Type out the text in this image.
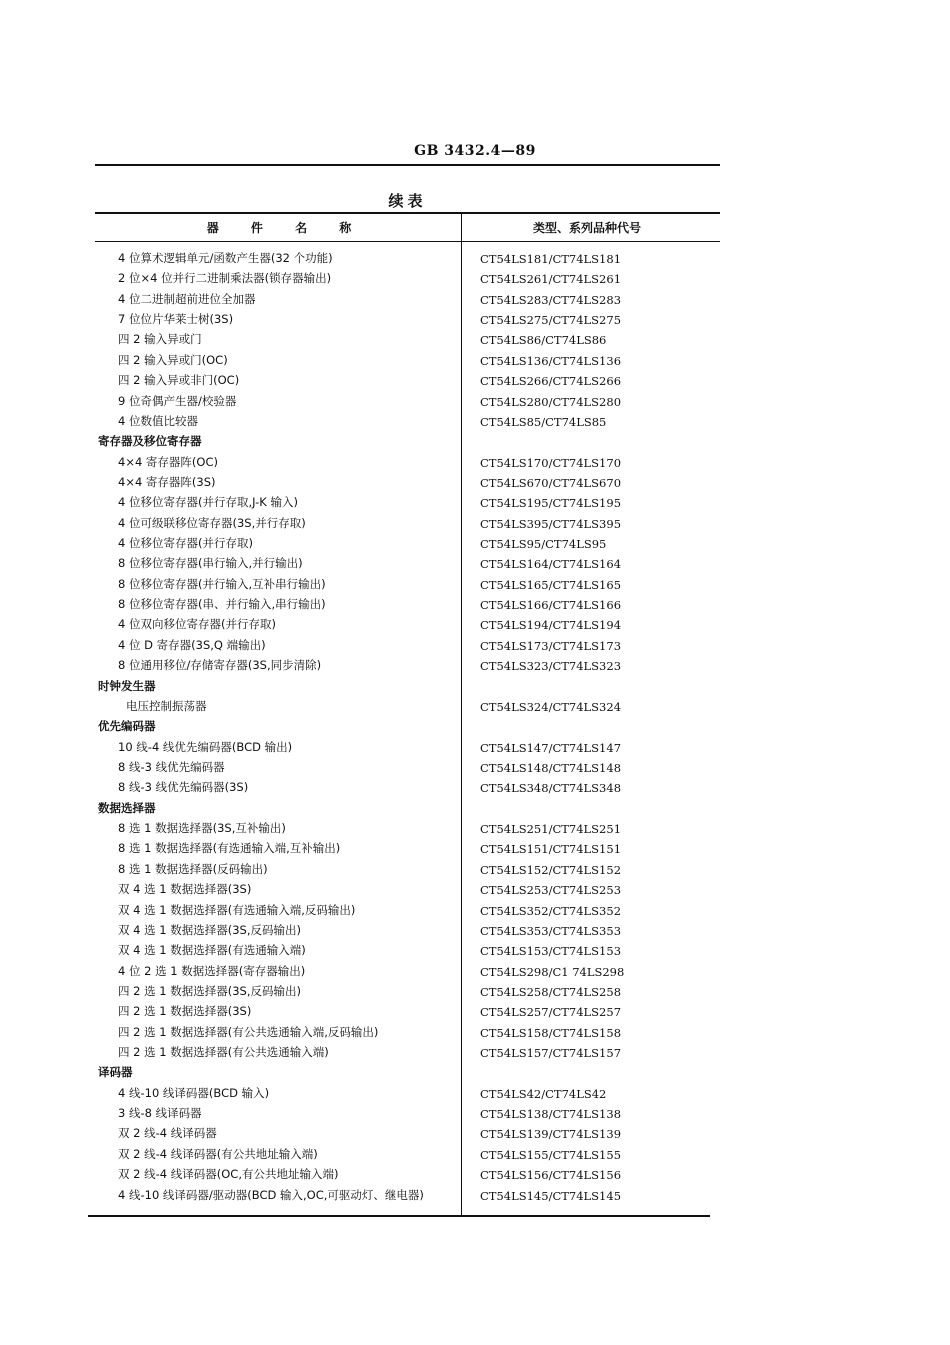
GB 3432.4—89
续表
器 件 名 称	类型、系列品种代号
4 位算术逻辑单元/函数产生器(32 个功能)	CT54LS181/CT74LS181
2 位×4 位并行二进制乘法器(锁存器输出)	CT54LS261/CT74LS261
4 位二进制超前进位全加器	CT54LS283/CT74LS283
7 位位片华莱士树(3S)	CT54LS275/CT74LS275
四 2 输入异或门	CT54LS86/CT74LS86
四 2 输入异或门(OC)	CT54LS136/CT74LS136
四 2 输入异或非门(OC)	CT54LS266/CT74LS266
9 位奇偶产生器/校验器	CT54LS280/CT74LS280
4 位数值比较器	CT54LS85/CT74LS85
寄存器及移位寄存器
4×4 寄存器阵(OC)	CT54LS170/CT74LS170
4×4 寄存器阵(3S)	CT54LS670/CT74LS670
4 位移位寄存器(并行存取,J-K 输入)	CT54LS195/CT74LS195
4 位可级联移位寄存器(3S,并行存取)	CT54LS395/CT74LS395
4 位移位寄存器(并行存取)	CT54LS95/CT74LS95
8 位移位寄存器(串行输入,并行输出)	CT54LS164/CT74LS164
8 位移位寄存器(并行输入,互补串行输出)	CT54LS165/CT74LS165
8 位移位寄存器(串、并行输入,串行输出)	CT54LS166/CT74LS166
4 位双向移位寄存器(并行存取)	CT54LS194/CT74LS194
4 位 D 寄存器(3S,Q 端输出)	CT54LS173/CT74LS173
8 位通用移位/存储寄存器(3S,同步清除)	CT54LS323/CT74LS323
时钟发生器
电压控制振荡器	CT54LS324/CT74LS324
优先编码器
10 线-4 线优先编码器(BCD 输出)	CT54LS147/CT74LS147
8 线-3 线优先编码器	CT54LS148/CT74LS148
8 线-3 线优先编码器(3S)	CT54LS348/CT74LS348
数据选择器
8 选 1 数据选择器(3S,互补输出)	CT54LS251/CT74LS251
8 选 1 数据选择器(有选通输入端,互补输出)	CT54LS151/CT74LS151
8 选 1 数据选择器(反码输出)	CT54LS152/CT74LS152
双 4 选 1 数据选择器(3S)	CT54LS253/CT74LS253
双 4 选 1 数据选择器(有选通输入端,反码输出)	CT54LS352/CT74LS352
双 4 选 1 数据选择器(3S,反码输出)	CT54LS353/CT74LS353
双 4 选 1 数据选择器(有选通输入端)	CT54LS153/CT74LS153
4 位 2 选 1 数据选择器(寄存器输出)	CT54LS298/C1 74LS298
四 2 选 1 数据选择器(3S,反码输出)	CT54LS258/CT74LS258
四 2 选 1 数据选择器(3S)	CT54LS257/CT74LS257
四 2 选 1 数据选择器(有公共选通输入端,反码输出)	CT54LS158/CT74LS158
四 2 选 1 数据选择器(有公共选通输入端)	CT54LS157/CT74LS157
译码器
4 线-10 线译码器(BCD 输入)	CT54LS42/CT74LS42
3 线-8 线译码器	CT54LS138/CT74LS138
双 2 线-4 线译码器	CT54LS139/CT74LS139
双 2 线-4 线译码器(有公共地址输入端)	CT54LS155/CT74LS155
双 2 线-4 线译码器(OC,有公共地址输入端)	CT54LS156/CT74LS156
4 线-10 线译码器/驱动器(BCD 输入,OC,可驱动灯、继电器)	CT54LS145/CT74LS145
